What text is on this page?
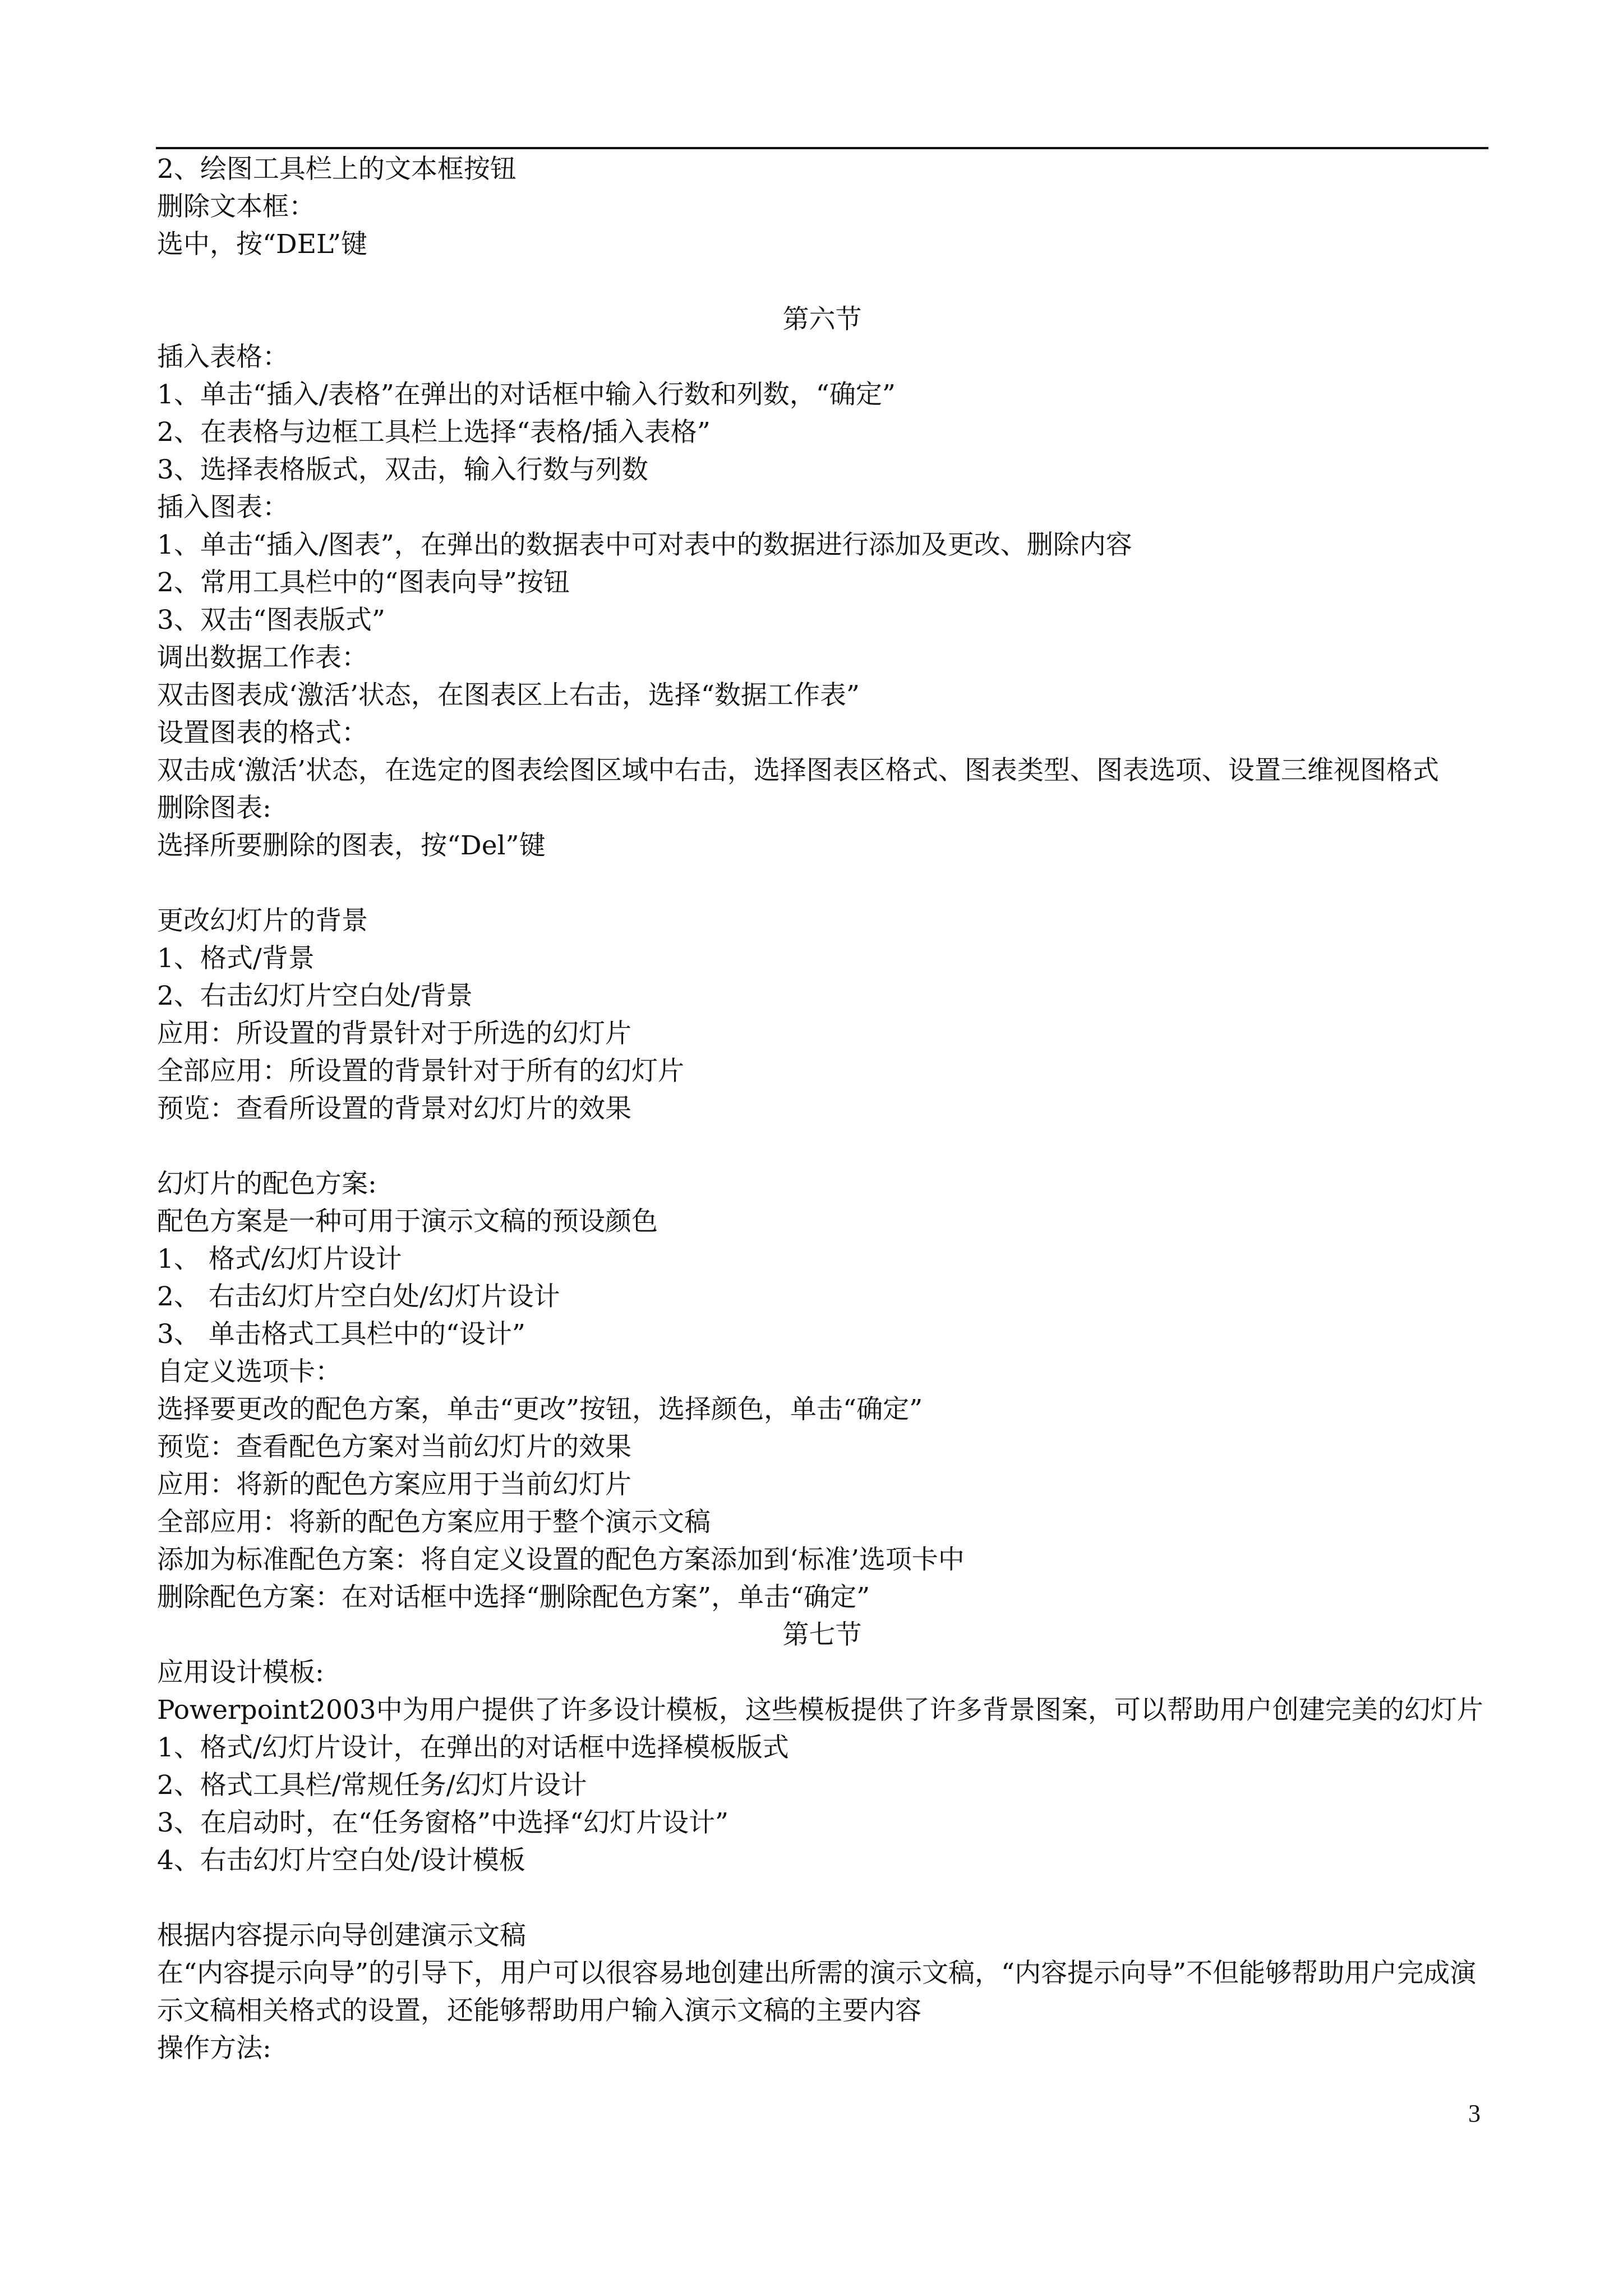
2、绘图工具栏上的文本框按钮
删除文本框：
选中，按“DEL”键
第六节
插入表格：
1、单击“插入/表格”在弹出的对话框中输入行数和列数，“确定”
2、在表格与边框工具栏上选择“表格/插入表格”
3、选择表格版式，双击，输入行数与列数
插入图表：
1、单击“插入/图表”，在弹出的数据表中可对表中的数据进行添加及更改、删除内容
2、常用工具栏中的“图表向导”按钮
3、双击“图表版式”
调出数据工作表：
双击图表成‘激活’状态，在图表区上右击，选择“数据工作表”
设置图表的格式：
双击成‘激活’状态，在选定的图表绘图区域中右击，选择图表区格式、图表类型、图表选项、设置三维视图格式
删除图表:
选择所要删除的图表，按“Del”键
更改幻灯片的背景
1、格式/背景
2、右击幻灯片空白处/背景
应用：所设置的背景针对于所选的幻灯片
全部应用：所设置的背景针对于所有的幻灯片
预览：查看所设置的背景对幻灯片的效果
幻灯片的配色方案:
配色方案是一种可用于演示文稿的预设颜色
1、 格式/幻灯片设计
2、 右击幻灯片空白处/幻灯片设计
3、 单击格式工具栏中的“设计”
自定义选项卡：
选择要更改的配色方案，单击“更改”按钮，选择颜色，单击“确定”
预览：查看配色方案对当前幻灯片的效果
应用：将新的配色方案应用于当前幻灯片
全部应用：将新的配色方案应用于整个演示文稿
添加为标准配色方案：将自定义设置的配色方案添加到‘标准’选项卡中
删除配色方案：在对话框中选择“删除配色方案”，单击“确定”
第七节
应用设计模板:
Powerpoint2003中为用户提供了许多设计模板，这些模板提供了许多背景图案，可以帮助用户创建完美的幻灯片
1、格式/幻灯片设计，在弹出的对话框中选择模板版式
2、格式工具栏/常规任务/幻灯片设计
3、在启动时，在“任务窗格”中选择“幻灯片设计”
4、右击幻灯片空白处/设计模板
根据内容提示向导创建演示文稿
在“内容提示向导”的引导下，用户可以很容易地创建出所需的演示文稿，“内容提示向导”不但能够帮助用户完成演示文稿相关格式的设置，还能够帮助用户输入演示文稿的主要内容
操作方法:
3
